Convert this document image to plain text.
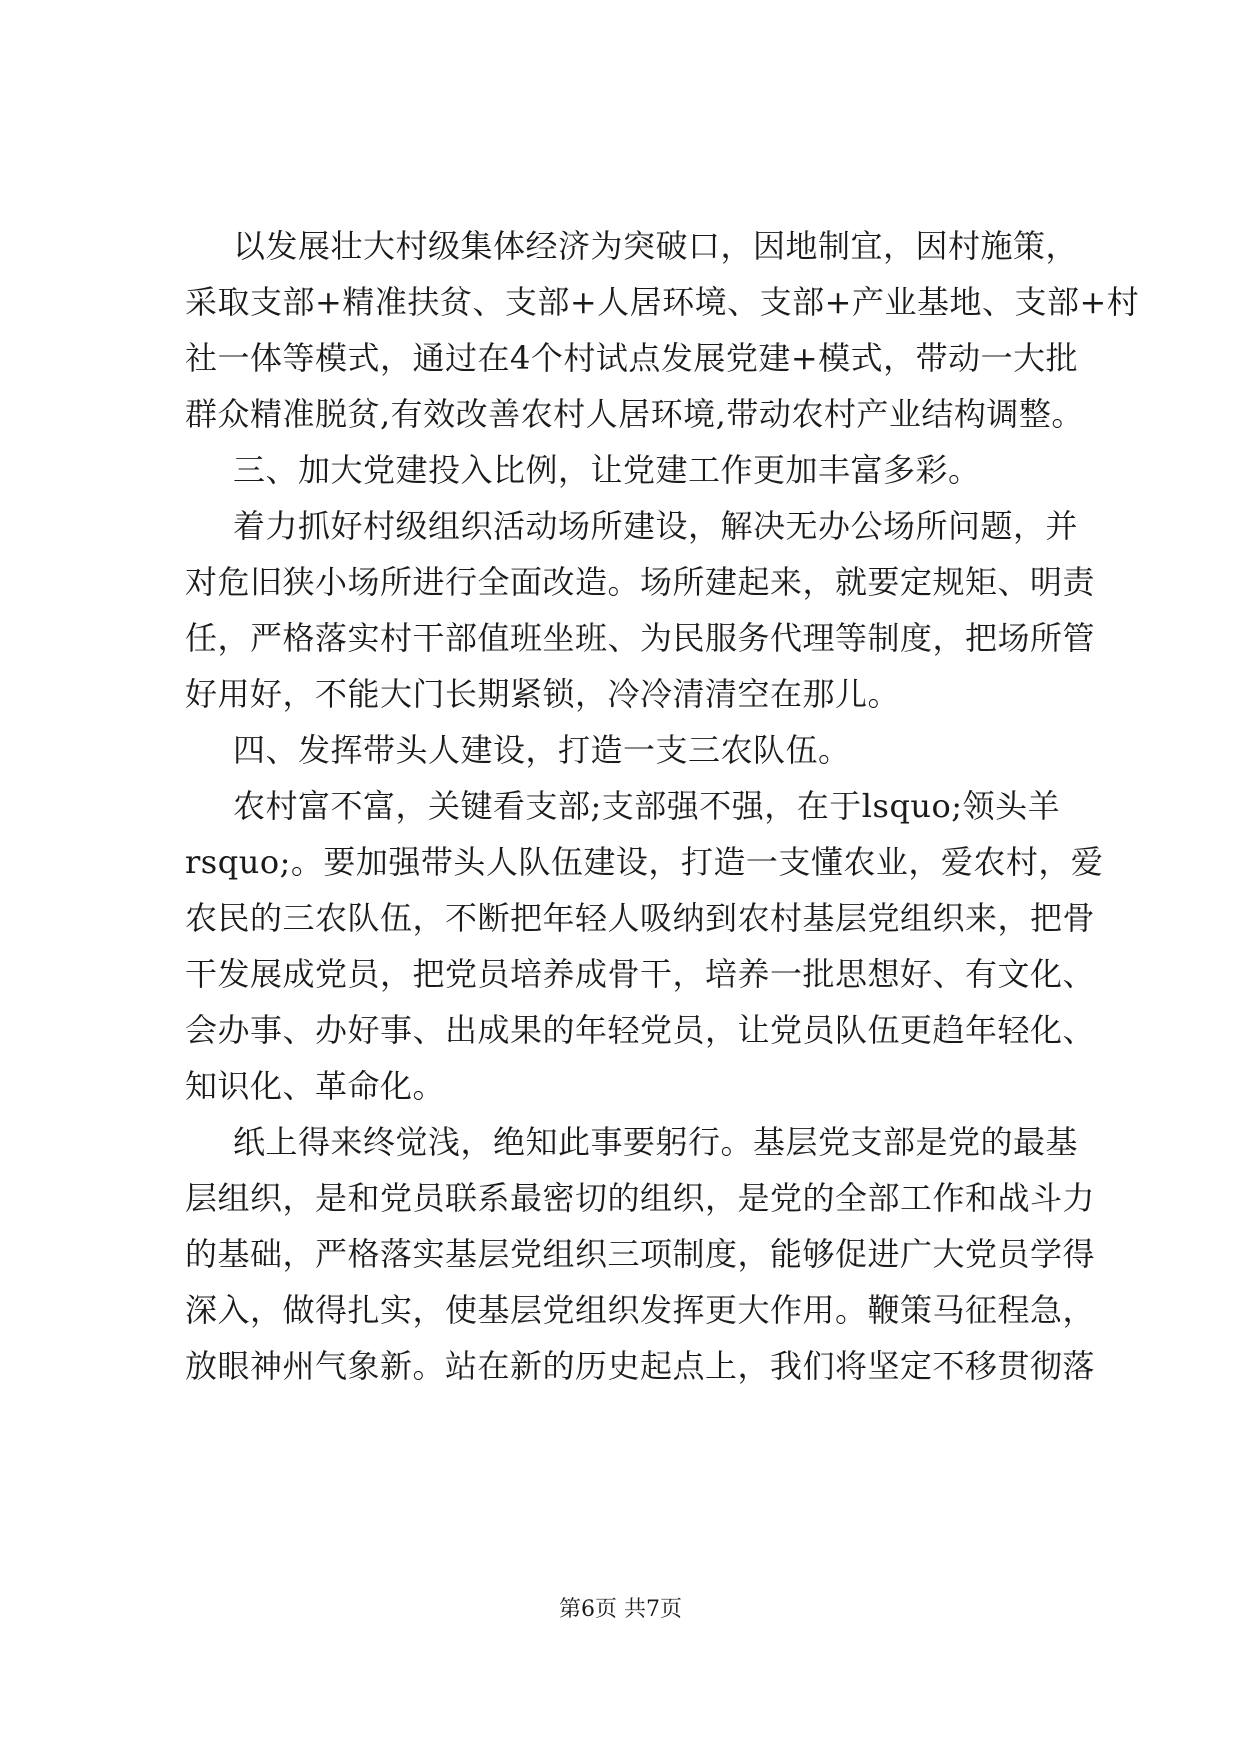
以发展壮大村级集体经济为突破口，因地制宜，因村施策，
采取支部+精准扶贫、支部+人居环境、支部+产业基地、支部+村
社一体等模式，通过在4个村试点发展党建+模式，带动一大批
群众精准脱贫,有效改善农村人居环境,带动农村产业结构调整。
三、加大党建投入比例，让党建工作更加丰富多彩。
着力抓好村级组织活动场所建设，解决无办公场所问题，并
对危旧狭小场所进行全面改造。场所建起来，就要定规矩、明责
任，严格落实村干部值班坐班、为民服务代理等制度，把场所管
好用好，不能大门长期紧锁，冷冷清清空在那儿。
四、发挥带头人建设，打造一支三农队伍。
农村富不富，关键看支部;支部强不强，在于lsquo;领头羊
rsquo;。要加强带头人队伍建设，打造一支懂农业，爱农村，爱
农民的三农队伍，不断把年轻人吸纳到农村基层党组织来，把骨
干发展成党员，把党员培养成骨干，培养一批思想好、有文化、
会办事、办好事、出成果的年轻党员，让党员队伍更趋年轻化、
知识化、革命化。
纸上得来终觉浅，绝知此事要躬行。基层党支部是党的最基
层组织，是和党员联系最密切的组织，是党的全部工作和战斗力
的基础，严格落实基层党组织三项制度，能够促进广大党员学得
深入，做得扎实，使基层党组织发挥更大作用。鞭策马征程急，
放眼神州气象新。站在新的历史起点上，我们将坚定不移贯彻落
第6页 共7页
